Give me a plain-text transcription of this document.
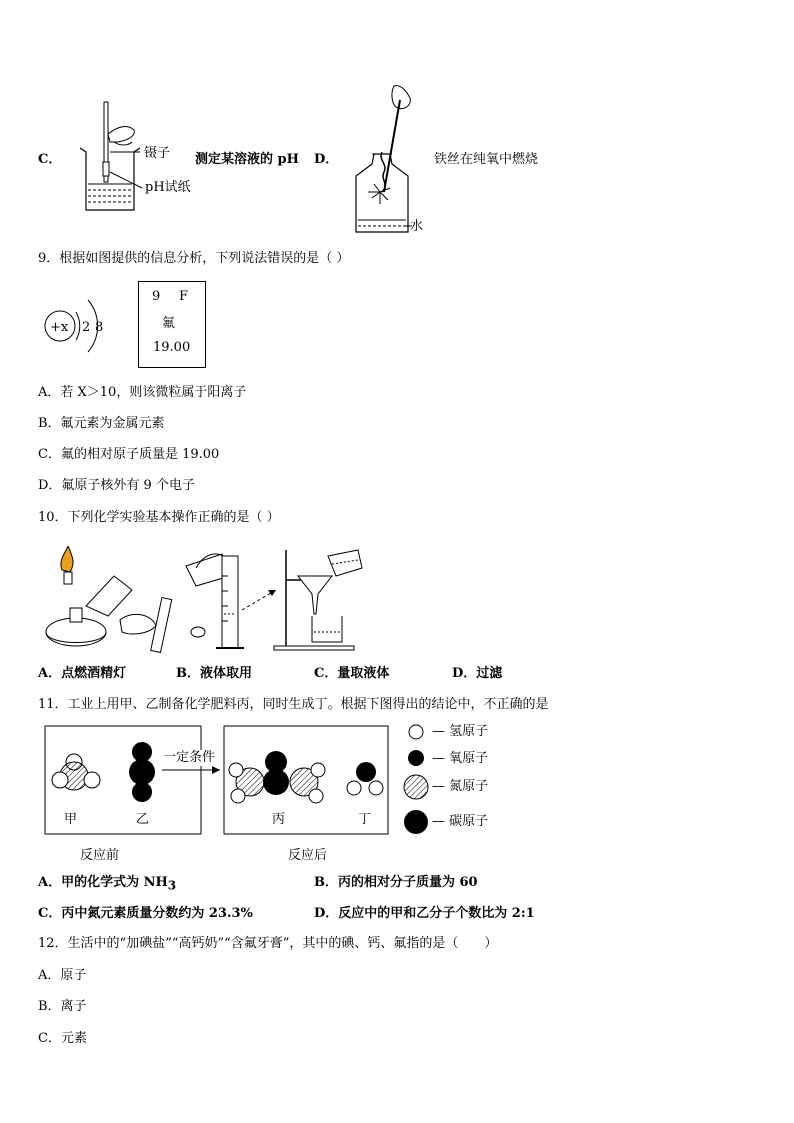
C．	镊子
pH试纸
测定某溶液的 pH D．	铁丝在纯氧中燃烧
水
9．根据如图提供的信息分析，下列说法错误的是（ ）
+x 2 8
9 F
氟
19.00
A．若 X＞10，则该微粒属于阳离子
B．氟元素为金属元素
C．氟的相对原子质量是 19.00
D．氟原子核外有 9 个电子
10．下列化学实验基本操作正确的是（ ）
A．点燃酒精灯	B．液体取用	C．量取液体	D．过滤
11．工业上用甲、乙制备化学肥料丙，同时生成丁。根据下图得出的结论中，不正确的是
一定条件
甲	乙	丙	丁
反应前	反应后
— 氢原子
— 氧原子
— 氮原子
— 碳原子
A．甲的化学式为 $NH_3$	B．丙的相对分子质量为 60
C．丙中氮元素质量分数约为 23.3%	D．反应中的甲和乙分子个数比为 2:1
12．生活中的“加碘盐”“高钙奶”“含氟牙膏”，其中的碘、钙、氟指的是（　　）
A．原子
B．离子
C．元素
